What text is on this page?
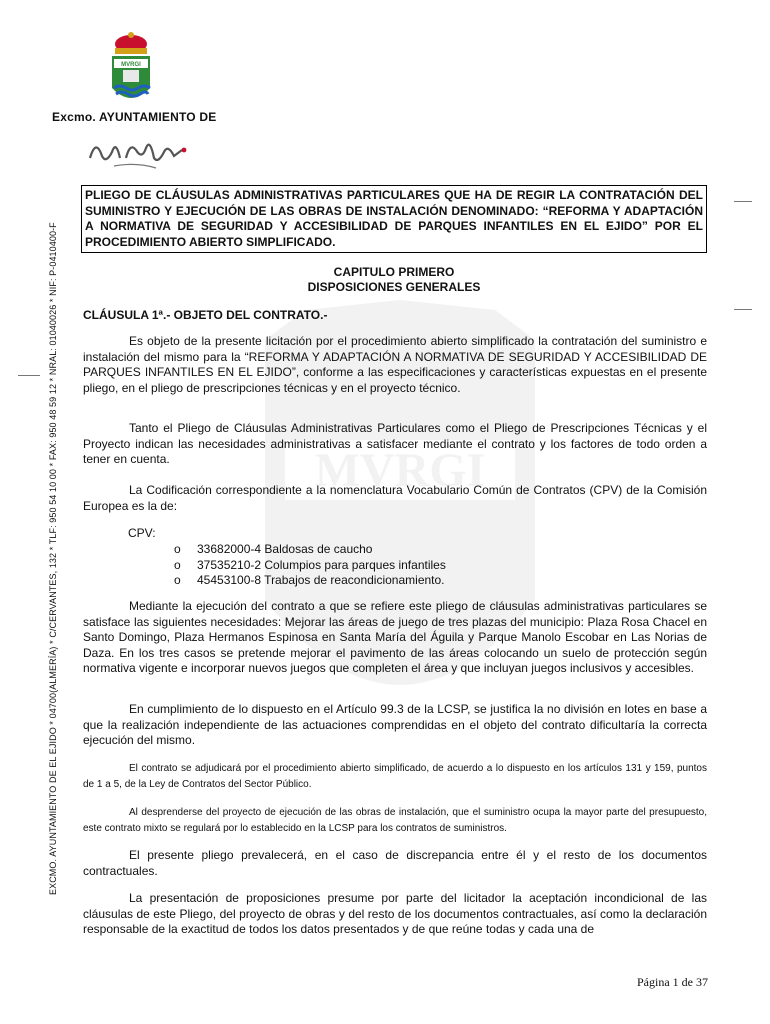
MVRGI
MVRGI
Excmo. AYUNTAMIENTO DE
EXCMO. AYUNTAMIENTO DE EL EJIDO * 04700(ALMERÍA) * C/CERVANTES, 132 * TLF: 950 54 10 00 * FAX: 950 48 59 12 * NRAL: 01040026 * NIF: P-0410400-F
PLIEGO DE CLÁUSULAS ADMINISTRATIVAS PARTICULARES QUE HA DE REGIR LA CONTRATACIÓN DEL SUMINISTRO Y EJECUCIÓN DE LAS OBRAS DE INSTALACIÓN DENOMINADO: “REFORMA Y ADAPTACIÓN A NORMATIVA DE SEGURIDAD Y ACCESIBILIDAD DE PARQUES INFANTILES EN EL EJIDO” POR EL PROCEDIMIENTO ABIERTO SIMPLIFICADO.
CAPITULO PRIMERO
DISPOSICIONES GENERALES
CLÁUSULA 1ª.- OBJETO DEL CONTRATO.-

Es objeto de la presente licitación por el procedimiento abierto simplificado la contratación del suministro e instalación del mismo para la “REFORMA Y ADAPTACIÓN A NORMATIVA DE SEGURIDAD Y ACCESIBILIDAD DE PARQUES INFANTILES EN EL EJIDO”, conforme a las especificaciones y características expuestas en el presente pliego, en el pliego de prescripciones técnicas y en el proyecto técnico.

Tanto el Pliego de Cláusulas Administrativas Particulares como el Pliego de Prescripciones Técnicas y el Proyecto indican las necesidades administrativas a satisfacer mediante el contrato y los factores de todo orden a tener en cuenta.

La Codificación correspondiente a la nomenclatura Vocabulario Común de Contratos (CPV) de la Comisión Europea es la de:

CPV:
o	33682000-4 Baldosas de caucho
o	37535210-2 Columpios para parques infantiles
o	45453100-8 Trabajos de reacondicionamiento.

Mediante la ejecución del contrato a que se refiere este pliego de cláusulas administrativas particulares se satisface las siguientes necesidades: Mejorar las áreas de juego de tres plazas del municipio: Plaza Rosa Chacel en Santo Domingo, Plaza Hermanos Espinosa en Santa María del Águila y Parque Manolo Escobar en Las Norias de Daza. En los tres casos se pretende mejorar el pavimento de las áreas colocando un suelo de protección según normativa vigente e incorporar nuevos juegos que completen el área y que incluyan juegos inclusivos y accesibles.

En cumplimiento de lo dispuesto en el Artículo 99.3 de la LCSP, se justifica la no división en lotes en base a que la realización independiente de las actuaciones comprendidas en el objeto del contrato dificultaría la correcta ejecución del mismo.

El contrato se adjudicará por el procedimiento abierto simplificado, de acuerdo a lo dispuesto en los artículos 131 y 159, puntos de 1 a 5, de la Ley de Contratos del Sector Público.

Al desprenderse del proyecto de ejecución de las obras de instalación, que el suministro ocupa la mayor parte del presupuesto, este contrato mixto se regulará por lo establecido en la LCSP para los contratos de suministros.

El presente pliego prevalecerá, en el caso de discrepancia entre él y el resto de los documentos contractuales.

La presentación de proposiciones presume por parte del licitador la aceptación incondicional de las cláusulas de este Pliego, del proyecto de obras y del resto de los documentos contractuales, así como la declaración responsable de la exactitud de todos los datos presentados y de que reúne todas y cada una de

Página 1 de 37
